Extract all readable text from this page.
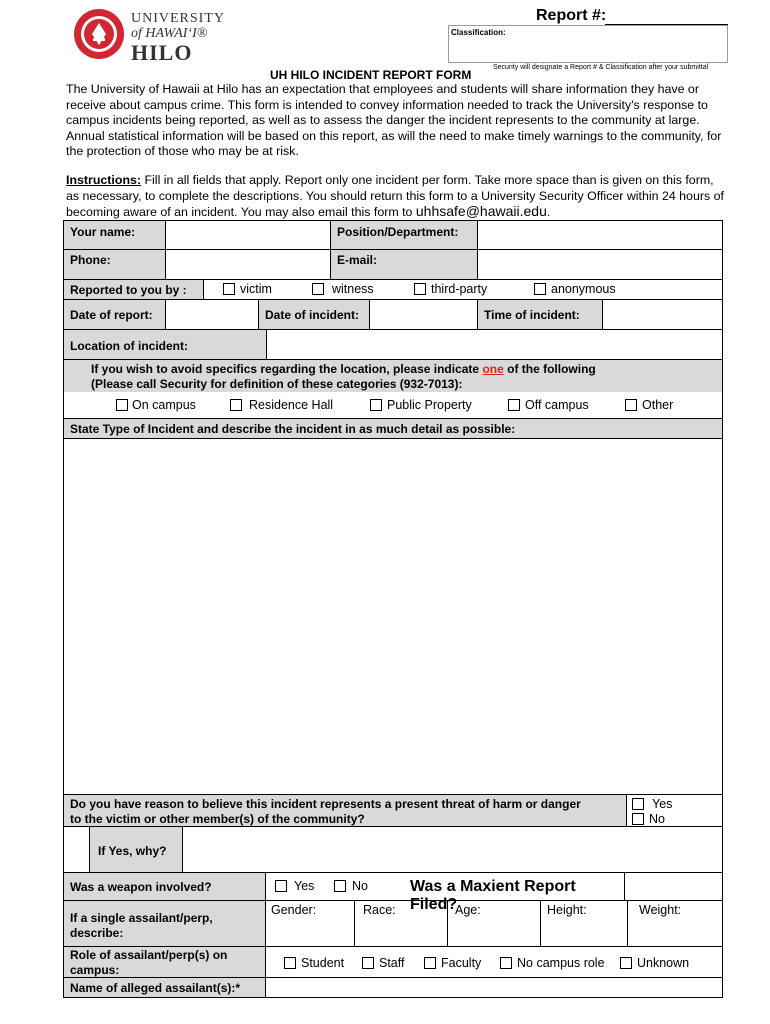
UNIVERSITY
of HAWAIʻI®
HILO
Report #:
Classification:
Security will designate a Report # & Classification after your submittal
UH HILO INCIDENT REPORT FORM
The University of Hawaii at Hilo has an expectation that employees and students will share information they have or receive about campus crime. This form is intended to convey information needed to track the University's response to campus incidents being reported, as well as to assess the danger the incident represents to the community at large. Annual statistical information will be based on this report, as will the need to make timely warnings to the community, for the protection of those who may be at risk.
Instructions: Fill in all fields that apply. Report only one incident per form. Take more space than is given on this form, as necessary, to complete the descriptions. You should return this form to a University Security Officer within 24 hours of becoming aware of an incident. You may also email this form to uhhsafe@hawaii.edu.
Your name:	Position/Department:
Phone:	E-mail:
Reported to you by :	victim	witness	third-party	anonymous
Date of report:	Date of incident:	Time of incident:
Location of incident:
If you wish to avoid specifics regarding the location, please indicate one of the following
(Please call Security for definition of these categories (932-7013):
On campus	Residence Hall	Public Property	Off campus	Other
State Type of Incident and describe the incident in as much detail as possible:
Do you have reason to believe this incident represents a present threat of harm or danger
to the victim or other member(s) of the community?
Yes
No
If Yes, why?
Was a weapon involved?	Yes	No	Was a Maxient Report Filed?
If a single assailant/perp,
describe:
Gender:	Race:	Age:	Height:	Weight:
Role of assailant/perp(s) on
campus:	Student	Staff	Faculty	No campus role	Unknown
Name of alleged assailant(s):*
